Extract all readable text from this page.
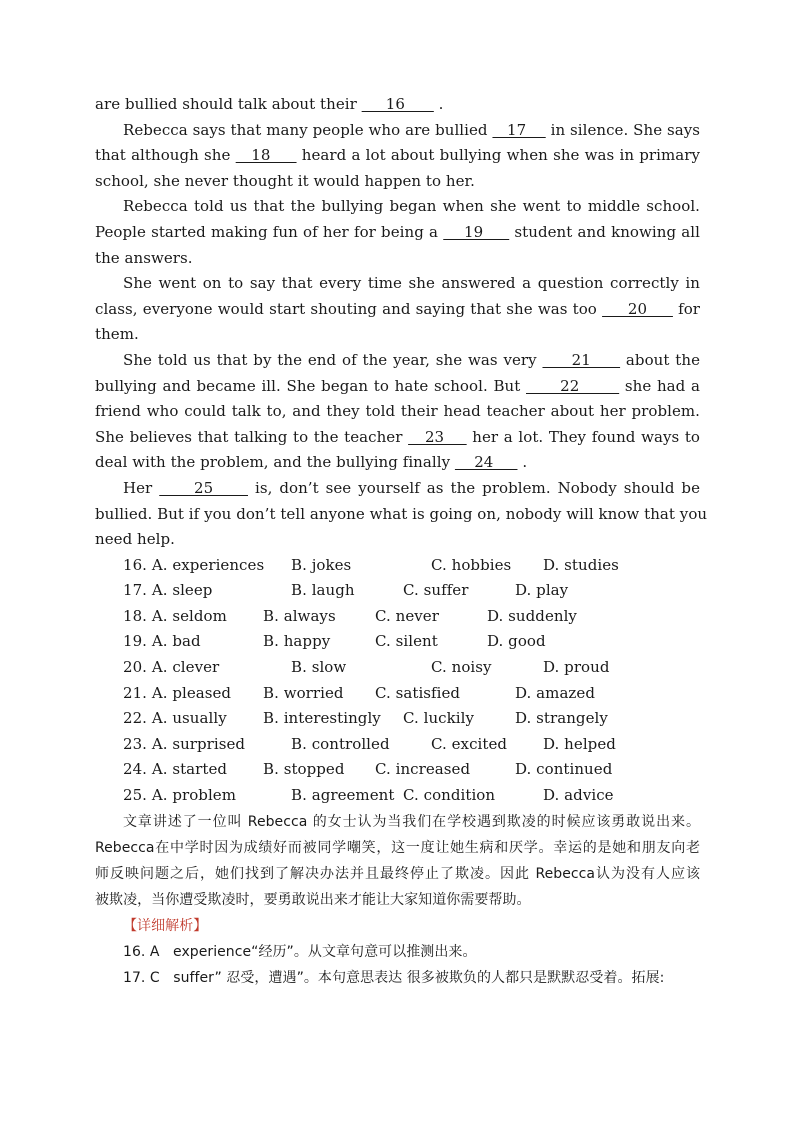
are bullied should talk about their      16       .
Rebecca says that many people who are bullied    17     in silence. She says
that although she    18      heard a lot about bullying when she was in primary
school, she never thought it would happen to her.
Rebecca told us that the bullying began when she went to middle school.
People started making fun of her for being a     19      student and knowing all
the answers.
She went on to say that every time she answered a question correctly in
class, everyone would start shouting and saying that she was too      20      for
them.
She told us that by the end of the year, she was very      21      about the
bullying and became ill. She began to hate school. But       22        she had a
friend who could talk to, and they told their head teacher about her problem.
She believes that talking to the teacher    23     her a lot. They found ways to
deal with the problem, and the bullying finally     24      .
Her      25      is, don’t see yourself as the problem. Nobody should be
bullied. But if you don’t tell anyone what is going on, nobody will know that you
need help.
16. A. experiences B. jokes	C. hobbies D. studies
17. A. sleep	B. laugh	C. suffer	D. play
18. A. seldom B. always	C. never	D. suddenly
19. A. bad	B. happy	C. silent	D. good
20. A. clever	B. slow	C. noisy	D. proud
21. A. pleased B. worried C. satisfied	D. amazed
22. A. usually B. interestingly C. luckily	D. strangely
23. A. surprised	B. controlled	C. excited D. helped
24. A. started B. stopped C. increased	D. continued
25. A. problem	B. agreement C. condition	D. advice
文章讲述了一位叫 Rebecca 的女士认为当我们在学校遇到欺凌的时候应该勇敢说出来。
Rebecca在中学时因为成绩好而被同学嘲笑，这一度让她生病和厌学。幸运的是她和朋友向老
师反映问题之后，她们找到了解决办法并且最终停止了欺凌。因此 Rebecca认为没有人应该
被欺凌，当你遭受欺凌时，要勇敢说出来才能让大家知道你需要帮助。
【详细解析】
16. A   experience“经历”。从文章句意可以推测出来。
17. C   suffer” 忍受，遭遇”。本句意思表达 很多被欺负的人都只是默默忍受着。拓展:
